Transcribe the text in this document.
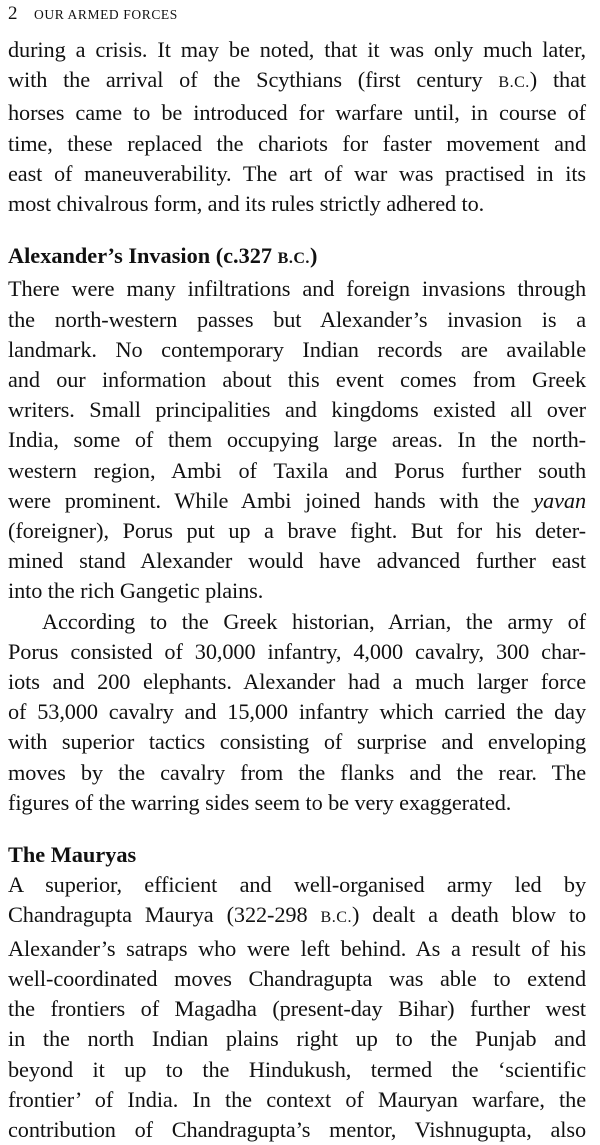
2 OUR ARMED FORCES
during a crisis. It may be noted, that it was only much later,
with the arrival of the Scythians (first century B.C.) that
horses came to be introduced for warfare until, in course of
time, these replaced the chariots for faster movement and
east of maneuverability. The art of war was practised in its
most chivalrous form, and its rules strictly adhered to.
Alexander’s Invasion (c.327 B.C.)
There were many infiltrations and foreign invasions through
the north-western passes but Alexander’s invasion is a
landmark. No contemporary Indian records are available
and our information about this event comes from Greek
writers. Small principalities and kingdoms existed all over
India, some of them occupying large areas. In the north-
western region, Ambi of Taxila and Porus further south
were prominent. While Ambi joined hands with the yavan
(foreigner), Porus put up a brave fight. But for his deter-
mined stand Alexander would have advanced further east
into the rich Gangetic plains.
According to the Greek historian, Arrian, the army of
Porus consisted of 30,000 infantry, 4,000 cavalry, 300 char-
iots and 200 elephants. Alexander had a much larger force
of 53,000 cavalry and 15,000 infantry which carried the day
with superior tactics consisting of surprise and enveloping
moves by the cavalry from the flanks and the rear. The
figures of the warring sides seem to be very exaggerated.
The Mauryas
A superior, efficient and well-organised army led by
Chandragupta Maurya (322-298 B.C.) dealt a death blow to
Alexander’s satraps who were left behind. As a result of his
well-coordinated moves Chandragupta was able to extend
the frontiers of Magadha (present-day Bihar) further west
in the north Indian plains right up to the Punjab and
beyond it up to the Hindukush, termed the ‘scientific
frontier’ of India. In the context of Mauryan warfare, the
contribution of Chandragupta’s mentor, Vishnugupta, also
